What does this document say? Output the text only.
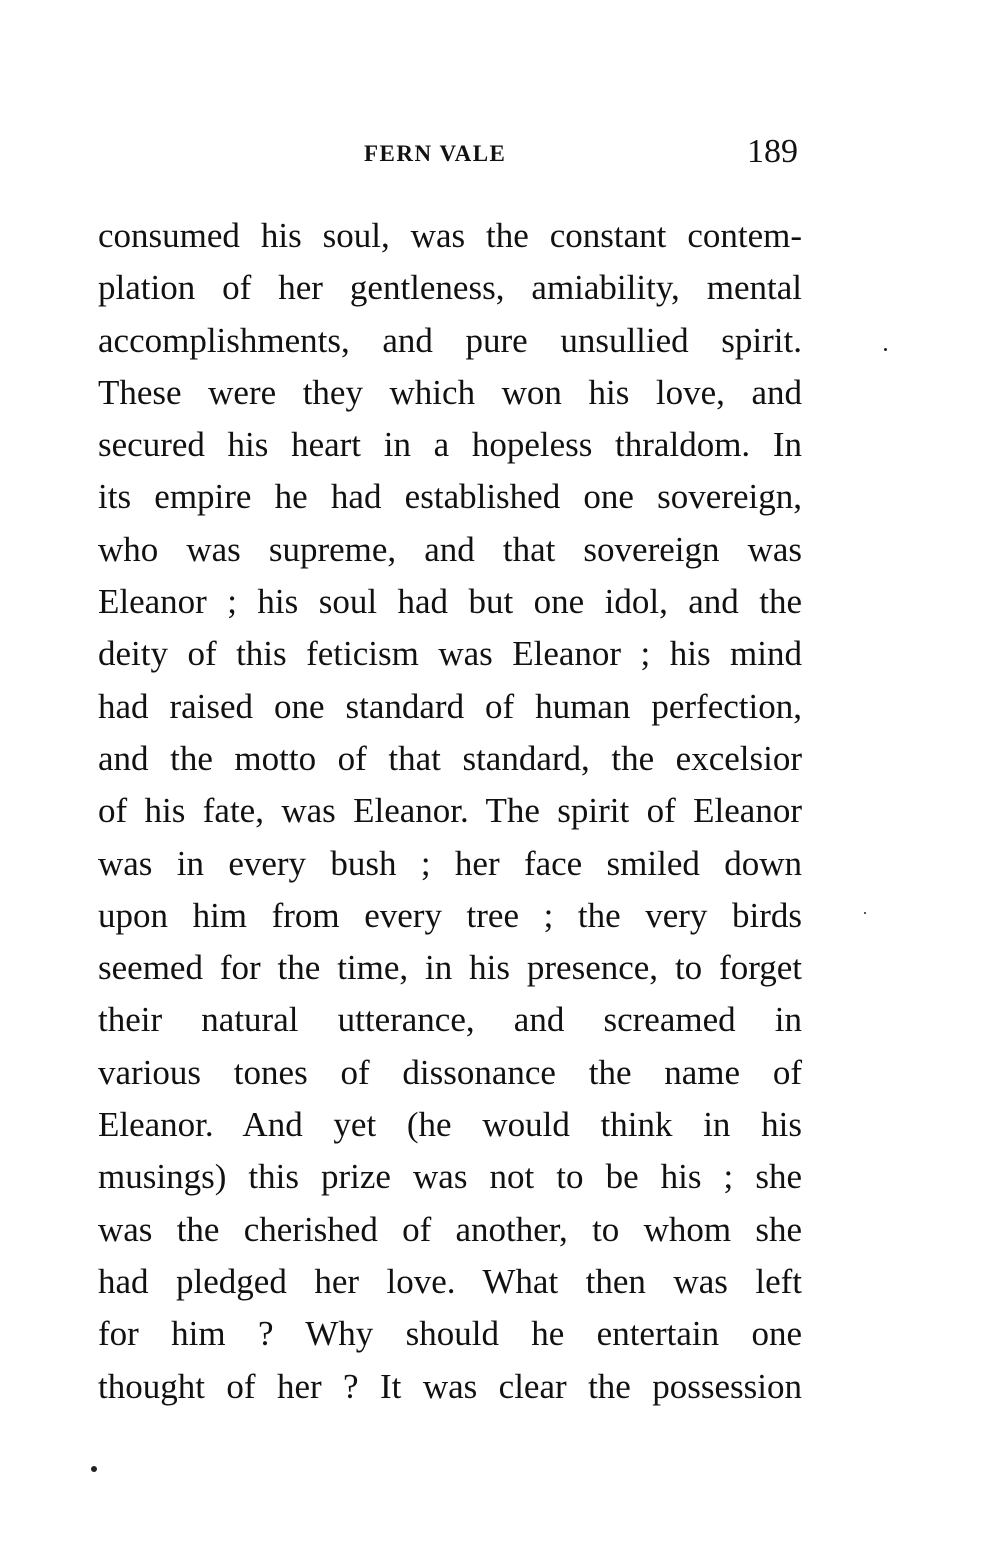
FERN VALE	189
consumed his soul, was the constant contem-
plation of her gentleness, amiability, mental
accomplishments, and pure unsullied spirit.
These were they which won his love, and
secured his heart in a hopeless thraldom. In
its empire he had established one sovereign,
who was supreme, and that sovereign was
Eleanor ; his soul had but one idol, and the
deity of this feticism was Eleanor ; his mind
had raised one standard of human perfection,
and the motto of that standard, the excelsior
of his fate, was Eleanor. The spirit of Eleanor
was in every bush ; her face smiled down
upon him from every tree ; the very birds
seemed for the time, in his presence, to forget
their natural utterance, and screamed in
various tones of dissonance the name of
Eleanor. And yet (he would think in his
musings) this prize was not to be his ; she
was the cherished of another, to whom she
had pledged her love. What then was left
for him ? Why should he entertain one
thought of her ? It was clear the possession
